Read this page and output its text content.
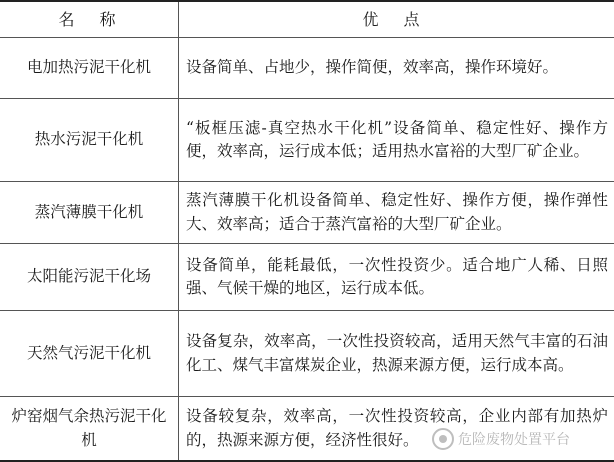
名 称	优 点
电加热污泥干化机 设备简单、占地少，操作简便，效率高，操作环境好。
热水污泥干化机
“板框压滤-真空热水干化机”设备简单、稳定性好、操作方便，效率高，运行成本低；适用热水富裕的大型厂矿企业。
蒸汽薄膜干化机
蒸汽薄膜干化机设备简单、稳定性好、操作方便，操作弹性大、效率高；适合于蒸汽富裕的大型厂矿企业。
太阳能污泥干化场
设备简单，能耗最低，一次性投资少。适合地广人稀、日照强、气候干燥的地区，运行成本低。
天然气污泥干化机
设备复杂，效率高，一次性投资较高，适用天然气丰富的石油化工、煤气丰富煤炭企业，热源来源方便，运行成本高。
炉窑烟气余热污泥干化机
设备较复杂，效率高，一次性投资较高，企业内部有加热炉的，热源来源方便，经济性很好。	危险废物处置平台
